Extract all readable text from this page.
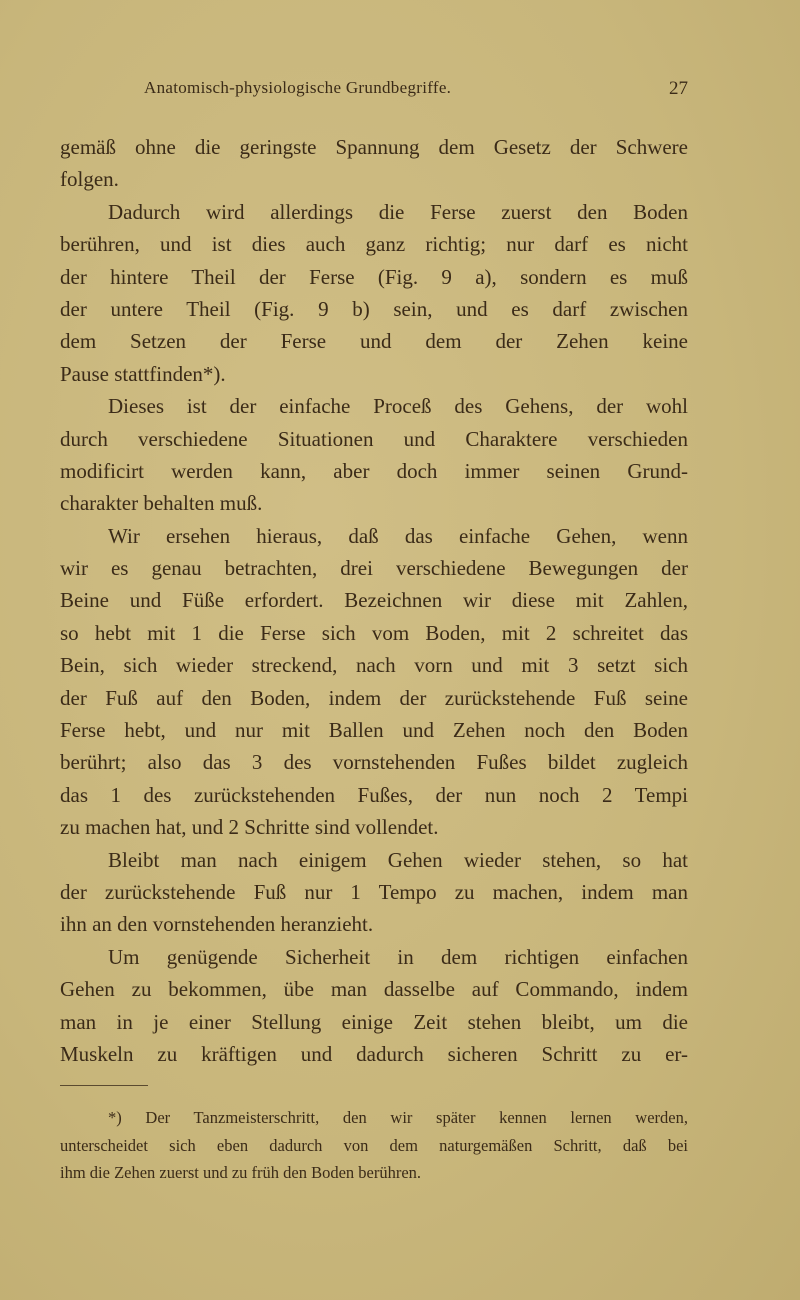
Anatomisch-physiologische Grundbegriffe.	27
gemäß ohne die geringste Spannung dem Gesetz der Schwere
folgen.
Dadurch wird allerdings die Ferse zuerst den Boden
berühren, und ist dies auch ganz richtig; nur darf es nicht
der hintere Theil der Ferse (Fig. 9 a), sondern es muß
der untere Theil (Fig. 9 b) sein, und es darf zwischen
dem Setzen der Ferse und dem der Zehen keine
Pause stattfinden*).
Dieses ist der einfache Proceß des Gehens, der wohl
durch verschiedene Situationen und Charaktere verschieden
modificirt werden kann, aber doch immer seinen Grund-
charakter behalten muß.
Wir ersehen hieraus, daß das einfache Gehen, wenn
wir es genau betrachten, drei verschiedene Bewegungen der
Beine und Füße erfordert. Bezeichnen wir diese mit Zahlen,
so hebt mit 1 die Ferse sich vom Boden, mit 2 schreitet das
Bein, sich wieder streckend, nach vorn und mit 3 setzt sich
der Fuß auf den Boden, indem der zurückstehende Fuß seine
Ferse hebt, und nur mit Ballen und Zehen noch den Boden
berührt; also das 3 des vornstehenden Fußes bildet zugleich
das 1 des zurückstehenden Fußes, der nun noch 2 Tempi
zu machen hat, und 2 Schritte sind vollendet.
Bleibt man nach einigem Gehen wieder stehen, so hat
der zurückstehende Fuß nur 1 Tempo zu machen, indem man
ihn an den vornstehenden heranzieht.
Um genügende Sicherheit in dem richtigen einfachen
Gehen zu bekommen, übe man dasselbe auf Commando, indem
man in je einer Stellung einige Zeit stehen bleibt, um die
Muskeln zu kräftigen und dadurch sicheren Schritt zu er-
*) Der Tanzmeisterschritt, den wir später kennen lernen werden,
unterscheidet sich eben dadurch von dem naturgemäßen Schritt, daß bei
ihm die Zehen zuerst und zu früh den Boden berühren.
